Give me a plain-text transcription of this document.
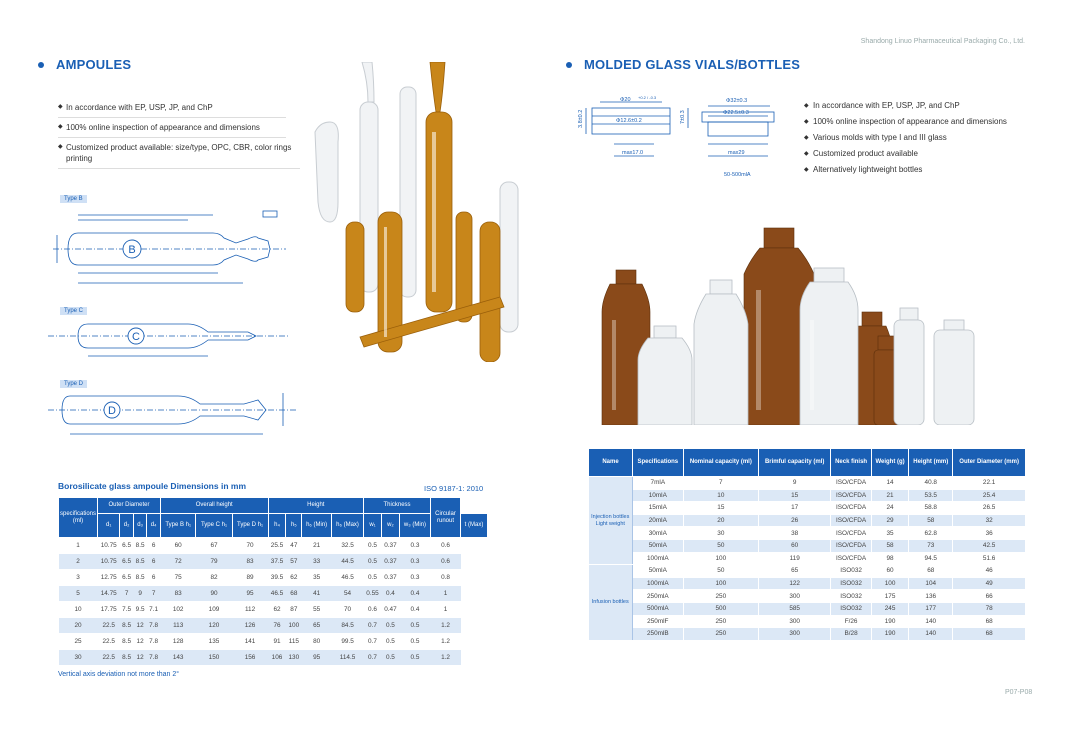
Shandong Linuo Pharmaceutical Packaging Co., Ltd.
AMPOULES
◆ In accordance with EP, USP, JP, and ChP
◆ 100% online inspection of appearance and dimensions
◆ Customized product available: size/type, OPC, CBR, color rings printing
Type B
B
Type C
C
Type D
D
Borosilicate glass ampoule Dimensions in mm	ISO 9187-1: 2010
specifications (ml)	Outer Diameter				Overall height			Height				Thickness			Circular runout	
	d₁	d₂	d₃	d₄	Type B h₁	Type C h₁	Type D h₁	h₄	h₅	h₆ (Min)	h₆ (Max)	w₁	w₂	w₃ (Min)		t (Max)
1	10.75	6.5	8.5	6	60	67	70	25.5	47	21	32.5	0.5	0.37	0.3	0.6	
2	10.75	6.5	8.5	6	72	79	83	37.5	57	33	44.5	0.5	0.37	0.3	0.6	
3	12.75	6.5	8.5	6	75	82	89	39.5	62	35	46.5	0.5	0.37	0.3	0.8	
5	14.75	7	9	7	83	90	95	46.5	68	41	54	0.55	0.4	0.4	1	
10	17.75	7.5	9.5	7.1	102	109	112	62	87	55	70	0.6	0.47	0.4	1	
20	22.5	8.5	12	7.8	113	120	126	76	100	65	84.5	0.7	0.5	0.5	1.2	
25	22.5	8.5	12	7.8	128	135	141	91	115	80	99.5	0.7	0.5	0.5	1.2	
30	22.5	8.5	12	7.8	143	150	156	106	130	95	114.5	0.7	0.5	0.5	1.2	
Vertical axis deviation not more than 2°
MOLDED GLASS VIALS/BOTTLES
Φ20 +0.2 / -0.3
Φ12.6±0.2
3.8±0.2
max17.0
Φ32±0.3
Φ22.5±0.3
7±0.3
max29
50-500mlA
◆ In accordance with EP, USP, JP, and ChP
◆ 100% online inspection of appearance and dimensions
◆ Various molds with type I and III glass
◆ Customized product available
◆ Alternatively lightweight bottles
Name	Specifications	Nominal capacity (ml)	Brimful capacity (ml)	Neck finish	Weight (g)	Height (mm)	Outer Diameter (mm)
Injection bottles Light weight	7mlA	7	9	ISO/CFDA	14	40.8	22.1
	10mlA	10	15	ISO/CFDA	21	53.5	25.4
	15mlA	15	17	ISO/CFDA	24	58.8	26.5
	20mlA	20	26	ISO/CFDA	29	58	32
	30mlA	30	38	ISO/CFDA	35	62.8	36
	50mlA	50	60	ISO/CFDA	58	73	42.5
	100mlA	100	119	ISO/CFDA	98	94.5	51.6
Infusion bottles	50mlA	50	65	ISO032	60	68	46
	100mlA	100	122	ISO032	100	104	49
	250mlA	250	300	ISO032	175	136	66
	500mlA	500	585	ISO032	245	177	78
	250mlF	250	300	F/26	190	140	68
	250mlB	250	300	B/28	190	140	68
P07-P08
